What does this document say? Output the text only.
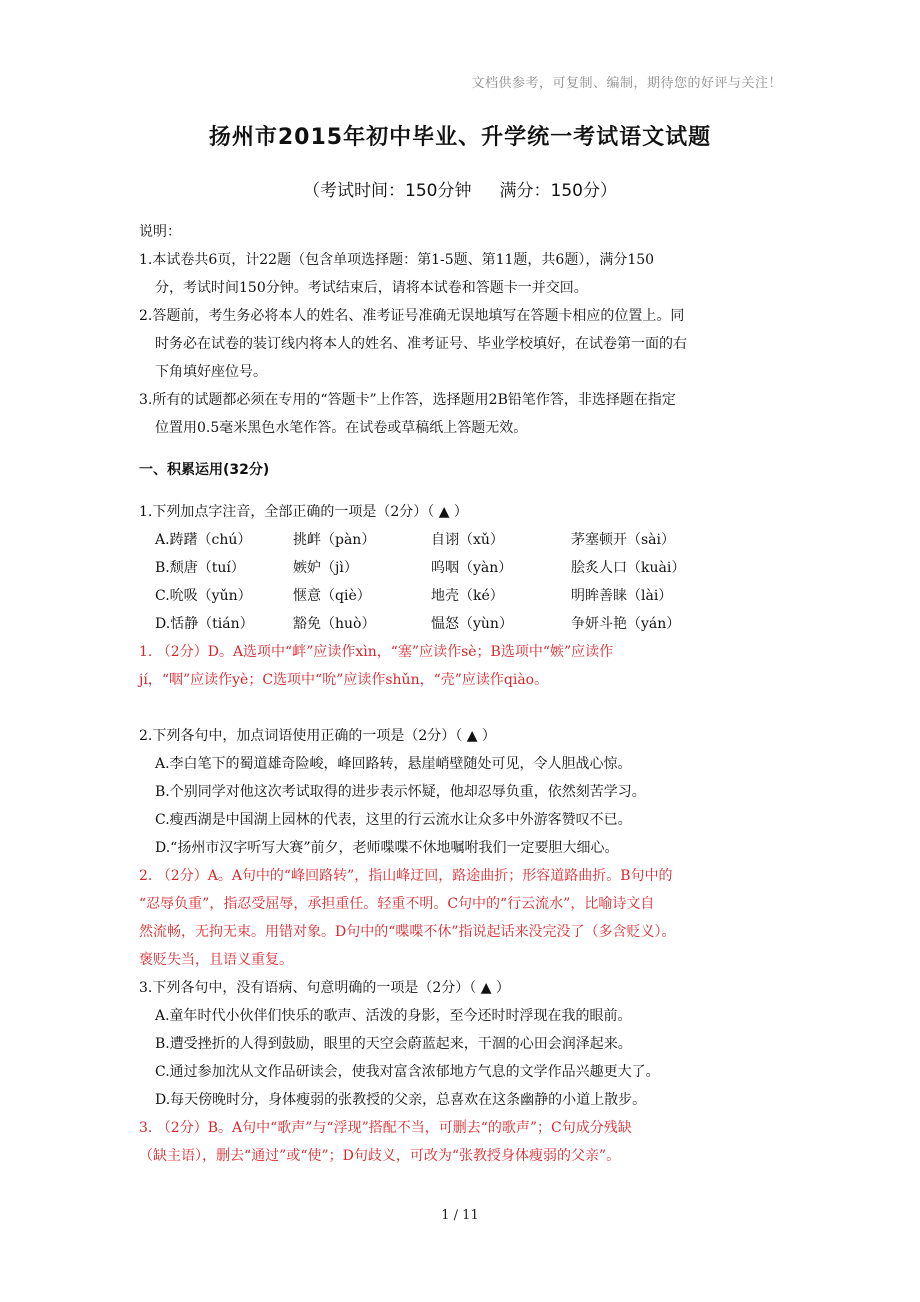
文档供参考，可复制、编制，期待您的好评与关注！
扬州市2015年初中毕业、升学统一考试语文试题
（考试时间：150分钟 满分：150分）
说明：
1.本试卷共6页，计22题（包含单项选择题：第1-5题、第11题，共6题），满分150
分，考试时间150分钟。考试结束后，请将本试卷和答题卡一并交回。
2.答题前，考生务必将本人的姓名、准考证号准确无误地填写在答题卡相应的位置上。同
时务必在试卷的装订线内将本人的姓名、准考证号、毕业学校填好，在试卷第一面的右
下角填好座位号。
3.所有的试题都必须在专用的“答题卡”上作答，选择题用2B铅笔作答，非选择题在指定
位置用0.5毫米黑色水笔作答。在试卷或草稿纸上答题无效。
一、积累运用(32分)
1.下列加点字注音，全部正确的一项是（2分）（ ▲ ）
A.踌躇（chú）	挑衅（pàn）	自诩（xǔ）	茅塞顿开（sài）
B.颓唐（tuí）	嫉妒（jì）	呜咽（yàn）	脍炙人口（kuài）
C.吮吸（yǔn）	惬意（qiè）	地壳（ké）	明眸善睐（lài）
D.恬静（tián）	豁免（huò）	愠怒（yùn）	争妍斗艳（yán）
1. （2分）D。A选项中“衅”应读作xìn，“塞”应读作sè；B选项中“嫉”应读作
jí，“咽”应读作yè；C选项中“吮”应读作shǔn，“壳”应读作qiào。
2.下列各句中，加点词语使用正确的一项是（2分）（ ▲ ）
A.李白笔下的蜀道雄奇险峻，峰回路转，悬崖峭壁随处可见，令人胆战心惊。
B.个别同学对他这次考试取得的进步表示怀疑，他却忍辱负重，依然刻苦学习。
C.瘦西湖是中国湖上园林的代表，这里的行云流水让众多中外游客赞叹不已。
D.“扬州市汉字听写大赛”前夕，老师喋喋不休地嘱咐我们一定要胆大细心。
2. （2分）A。A句中的“峰回路转”，指山峰迂回，路途曲折；形容道路曲折。B句中的
“忍辱负重”，指忍受屈辱，承担重任。轻重不明。C句中的“行云流水”，比喻诗文自
然流畅，无拘无束。用错对象。D句中的“喋喋不休”指说起话来没完没了（多含贬义）。
褒贬失当，且语义重复。
3.下列各句中，没有语病、句意明确的一项是（2分）（ ▲ ）
A.童年时代小伙伴们快乐的歌声、活泼的身影，至今还时时浮现在我的眼前。
B.遭受挫折的人得到鼓励，眼里的天空会蔚蓝起来，干涸的心田会润泽起来。
C.通过参加沈从文作品研读会，使我对富含浓郁地方气息的文学作品兴趣更大了。
D.每天傍晚时分，身体瘦弱的张教授的父亲，总喜欢在这条幽静的小道上散步。
3. （2分）B。A句中“歌声”与“浮现”搭配不当，可删去“的歌声”；C句成分残缺
（缺主语），删去“通过”或“使”；D句歧义，可改为“张教授身体瘦弱的父亲”。
1 / 11
